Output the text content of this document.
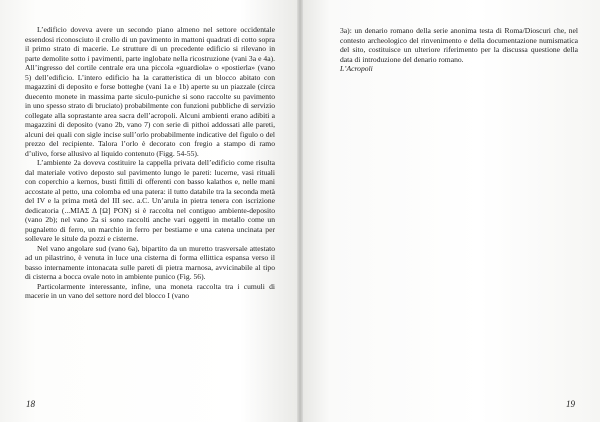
L’edificio doveva avere un secondo piano almeno nel settore occidentale essendosi riconosciuto il crollo di un pavimento in mattoni quadrati di cotto sopra il primo strato di macerie. Le strutture di un precedente edificio si rilevano in parte demolite sotto i pavimenti, parte inglobate nella ricostruzione (vani 3a e 4a). All’ingresso del cortile centrale era una piccola «guardiola» o «postierla» (vano 5) dell’edificio. L’intero edificio ha la caratteristica di un blocco abitato con magazzini di deposito e forse botteghe (vani 1a e 1b) aperte su un piazzale (circa duecento monete in massima parte siculo-puniche si sono raccolte su pavimento in uno spesso strato di bruciato) probabilmente con funzioni pubbliche di servizio collegate alla soprastante area sacra dell’acropoli. Alcuni ambienti erano adibiti a magazzini di deposito (vano 2b, vano 7) con serie di pithoi addossati alle pareti, alcuni dei quali con sigle incise sull’orlo probabilmente indicative del figulo o del prezzo del recipiente. Talora l’orlo è decorato con fregio a stampo di ramo d’ulivo, forse allusivo al liquido contenuto (Figg. 54-55).

L’ambiente 2a doveva costituire la cappella privata dell’edificio come risulta dal materiale votivo deposto sul pavimento lungo le pareti: lucerne, vasi rituali con coperchio a kernos, busti fittili di offerenti con basso kalathos e, nelle mani accostate al petto, una colomba ed una patera: il tutto databile tra la seconda metà del IV e la prima metà del III sec. a.C. Un’arula in pietra tenera con iscrizione dedicatoria (...ΜΙΑΣ Δ [Ω] ΡΟΝ) si è raccolta nel contiguo ambiente-deposito (vano 2b); nel vano 2a si sono raccolti anche vari oggetti in metallo come un pugnaletto di ferro, un marchio in ferro per bestiame e una catena uncinata per sollevare le situle da pozzi e cisterne.

Nel vano angolare sud (vano 6a), bipartito da un muretto trasversale attestato ad un pilastrino, è venuta in luce una cisterna di forma ellittica espansa verso il basso internamente intonacata sulle pareti di pietra marnosa, avvicinabile al tipo di cisterna a bocca ovale noto in ambiente punico (Fig. 56).

Particolarmente interessante, infine, una moneta raccolta tra i cumuli di macerie in un vano del settore nord del blocco I (vano

3a): un denario romano della serie anonima testa di Roma/Dioscuri che, nel contesto archeologico del rinvenimento e della documentazione numismatica del sito, costituisce un ulteriore riferimento per la discussa questione della data di introduzione del denario romano.

L’Acropoli

18	19
